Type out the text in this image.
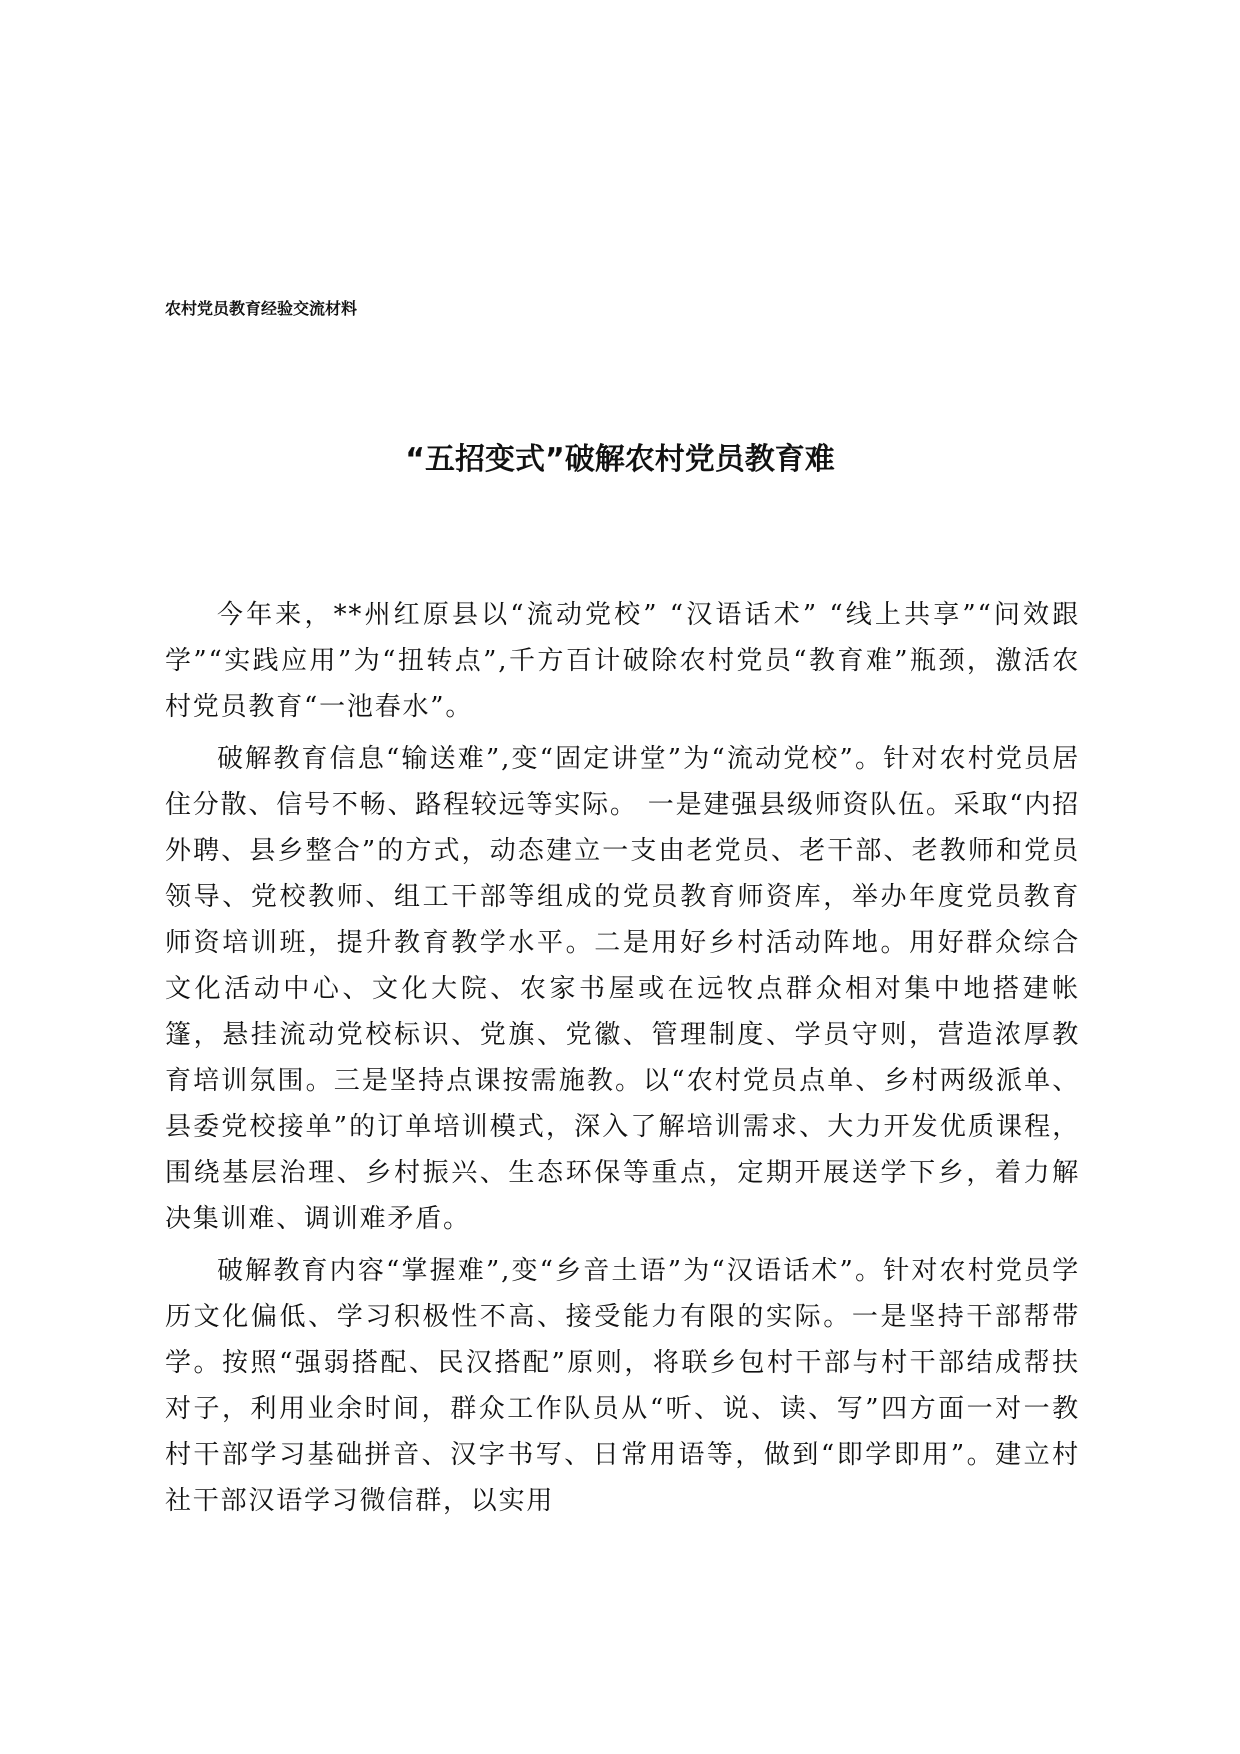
农村党员教育经验交流材料
“五招变式”破解农村党员教育难

今年来，**州红原县以“流动党校” “汉语话术” “线上共享”“问效跟学”“实践应用”为“扭转点”,千方百计破除农村党员“教育难”瓶颈，激活农村党员教育“一池春水”。

破解教育信息“输送难”,变“固定讲堂”为“流动党校”。针对农村党员居住分散、信号不畅、路程较远等实际。 一是建强县级师资队伍。采取“内招外聘、县乡整合”的方式，动态建立一支由老党员、老干部、老教师和党员领导、党校教师、组工干部等组成的党员教育师资库，举办年度党员教育师资培训班，提升教育教学水平。二是用好乡村活动阵地。用好群众综合文化活动中心、文化大院、农家书屋或在远牧点群众相对集中地搭建帐篷，悬挂流动党校标识、党旗、党徽、管理制度、学员守则，营造浓厚教育培训氛围。三是坚持点课按需施教。以“农村党员点单、乡村两级派单、县委党校接单”的订单培训模式，深入了解培训需求、大力开发优质课程，围绕基层治理、乡村振兴、生态环保等重点，定期开展送学下乡，着力解决集训难、调训难矛盾。

破解教育内容“掌握难”,变“乡音土语”为“汉语话术”。针对农村党员学历文化偏低、学习积极性不高、接受能力有限的实际。一是坚持干部帮带学。按照“强弱搭配、民汉搭配”原则，将联乡包村干部与村干部结成帮扶对子，利用业余时间，群众工作队员从“听、说、读、写”四方面一对一教村干部学习基础拼音、汉字书写、日常用语等，做到“即学即用”。建立村社干部汉语学习微信群，以实用
